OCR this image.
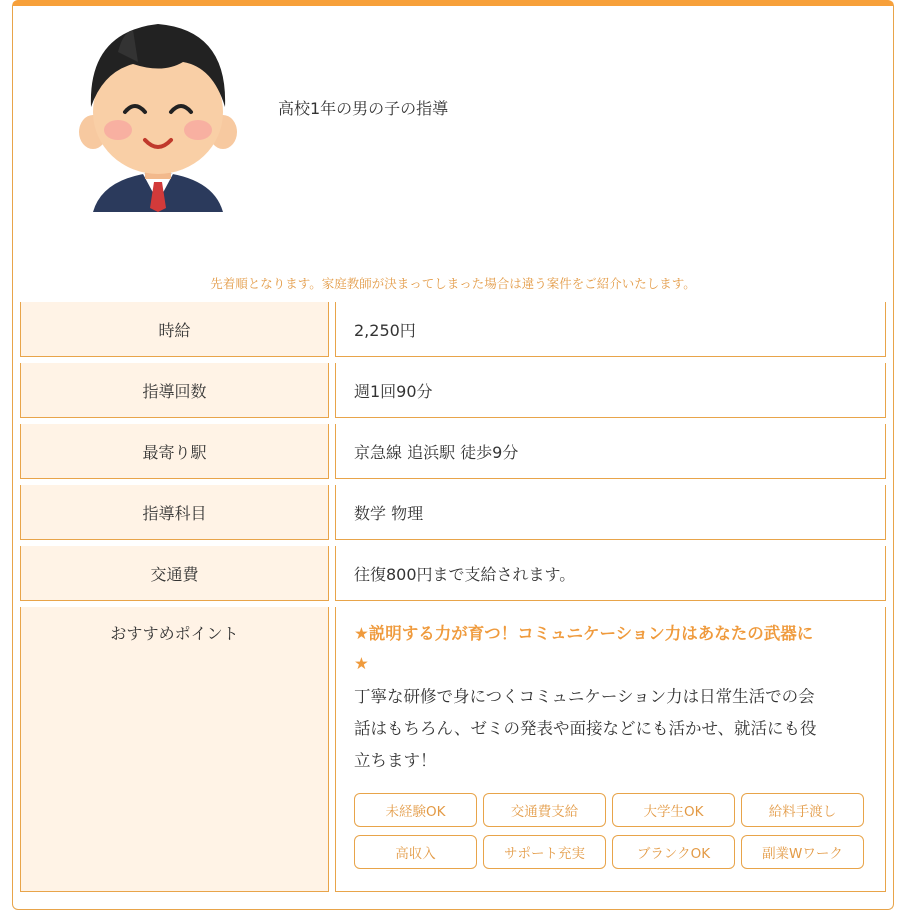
高校1年の男の子の指導
先着順となります。家庭教師が決まってしまった場合は違う案件をご紹介いたします。
時給	2,250円
指導回数	週1回90分
最寄り駅	京急線 追浜駅 徒歩9分
指導科目	数学 物理
交通費	往復800円まで支給されます。
おすすめポイント	★説明する力が育つ！コミュニケーション力はあなたの武器に
★
丁寧な研修で身につくコミュニケーション力は日常生活での会
話はもちろん、ゼミの発表や面接などにも活かせ、就活にも役
立ちます！
未経験OK	交通費支給	大学生OK	給料手渡し
高収入	サポート充実	ブランクOK	副業Wワーク
